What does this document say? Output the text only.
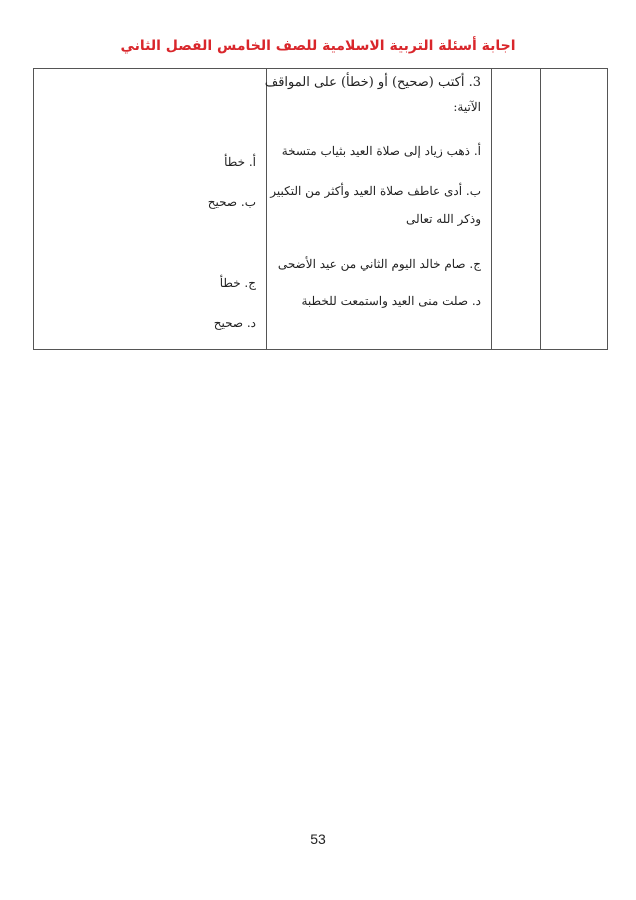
اجابة أسئلة التربية الاسلامية للصف الخامس الفصل الثاني

3. أكتب (صحيح) أو (خطأ) على المواقف
الآتية:
أ. ذهب زياد إلى صلاة العيد بثياب متسخة
ب. أدى عاطف صلاة العيد وأكثر من التكبير
وذكر الله تعالى
ج. صام خالد اليوم الثاني من عيد الأضحى
د. صلت منى العيد واستمعت للخطبة

أ. خطأ
ب. صحيح
ج. خطأ
د. صحيح
53
